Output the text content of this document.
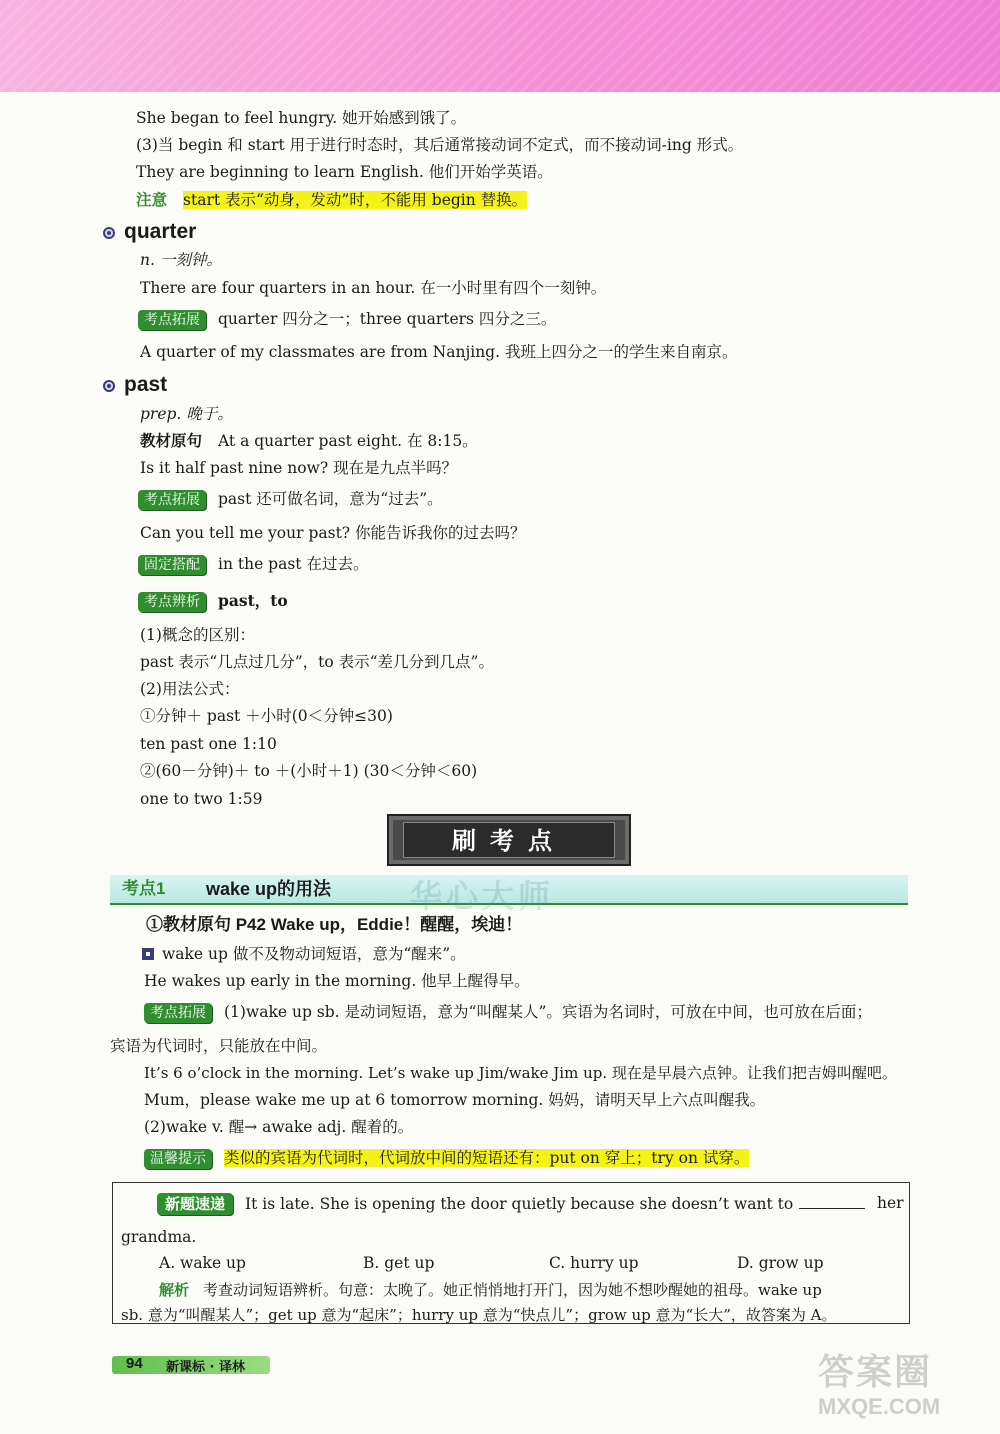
She began to feel hungry. 她开始感到饿了。
(3)当 begin 和 start 用于进行时态时，其后通常接动词不定式，而不接动词-ing 形式。
They are beginning to learn English. 他们开始学英语。
注意 start 表示“动身，发动”时，不能用 begin 替换。
quarter
n. 一刻钟。
There are four quarters in an hour. 在一小时里有四个一刻钟。
考点拓展 quarter 四分之一；three quarters 四分之三。
A quarter of my classmates are from Nanjing. 我班上四分之一的学生来自南京。
past
prep. 晚于。
教材原句 At a quarter past eight. 在 8:15。
Is it half past nine now? 现在是九点半吗？
考点拓展 past 还可做名词，意为“过去”。
Can you tell me your past? 你能告诉我你的过去吗？
固定搭配 in the past 在过去。
考点辨析 past，to
(1)概念的区别：
past 表示“几点过几分”，to 表示“差几分到几点”。
(2)用法公式：
①分钟＋ past ＋小时(0＜分钟≤30)
ten past one 1:10
②(60－分钟)＋ to ＋(小时＋1) (30＜分钟＜60)
one to two 1:59
刷考点
考点1	wake up的用法 华心大师
①教材原句 P42 Wake up，Eddie！醒醒，埃迪！
wake up 做不及物动词短语，意为“醒来”。
He wakes up early in the morning. 他早上醒得早。
考点拓展 (1)wake up sb. 是动词短语，意为“叫醒某人”。宾语为名词时，可放在中间，也可放在后面；
宾语为代词时，只能放在中间。
It’s 6 o’clock in the morning. Let’s wake up Jim/wake Jim up. 现在是早晨六点钟。让我们把吉姆叫醒吧。
Mum，please wake me up at 6 tomorrow morning. 妈妈，请明天早上六点叫醒我。
(2)wake v. 醒→ awake adj. 醒着的。
温馨提示 类似的宾语为代词时，代词放中间的短语还有：put on 穿上；try on 试穿。
新题速递 It is late. She is opening the door quietly because she doesn’t want to	her
grandma.
A. wake up	B. get up	C. hurry up	D. grow up
解析 考查动词短语辨析。句意：太晚了。她正悄悄地打开门，因为她不想吵醒她的祖母。wake up
sb. 意为“叫醒某人”；get up 意为“起床”；hurry up 意为“快点儿”；grow up 意为“长大”，故答案为 A。
94 新课标 · 译林	答案圈
MXQE.COM
